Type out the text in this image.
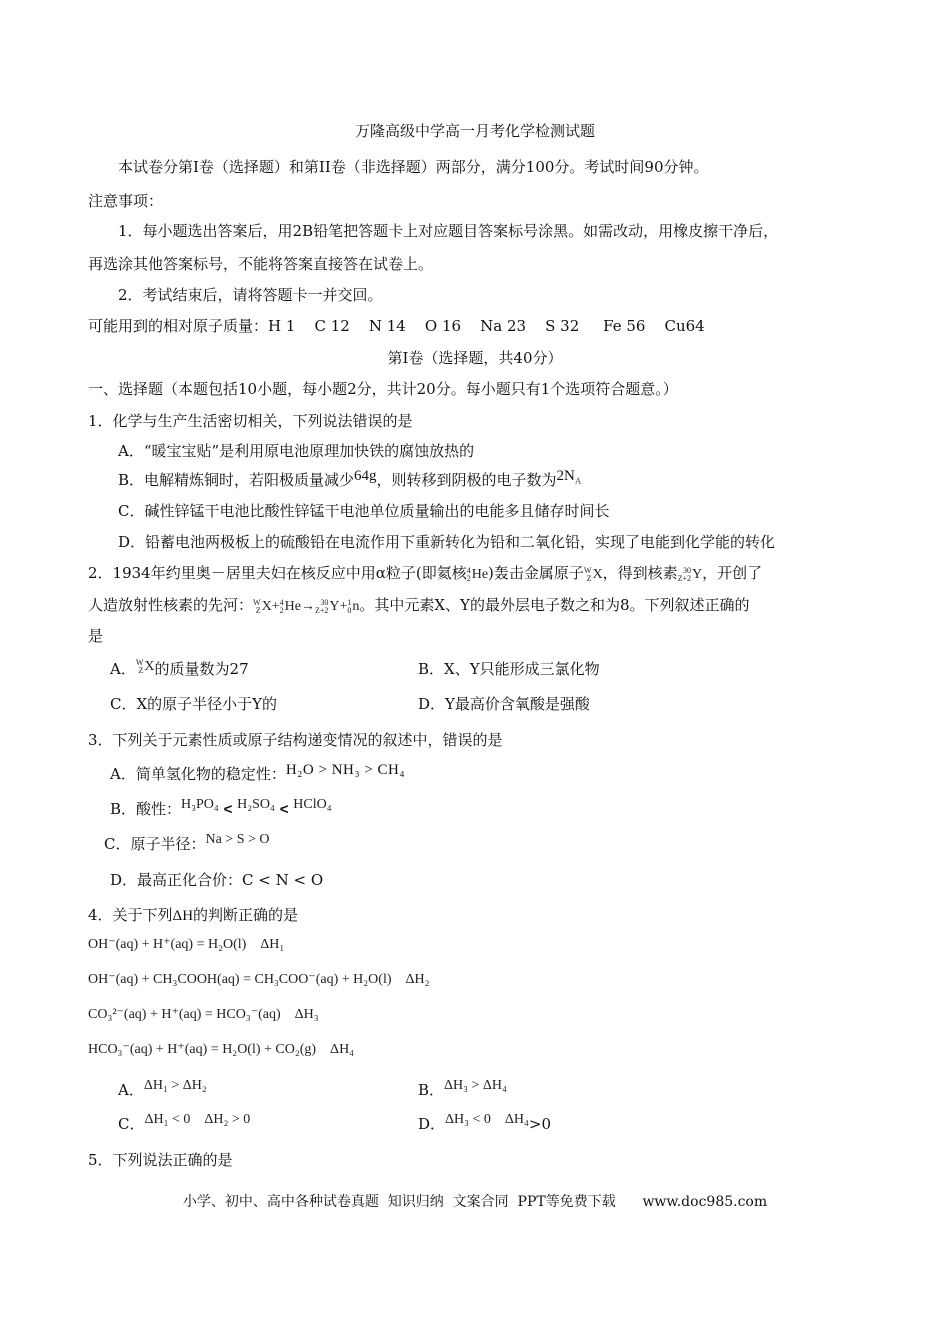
万隆高级中学高一月考化学检测试题
本试卷分第I卷（选择题）和第II卷（非选择题）两部分，满分100分。考试时间90分钟。
注意事项：
1．每小题选出答案后，用2B铅笔把答题卡上对应题目答案标号涂黑。如需改动，用橡皮擦干净后，
再选涂其他答案标号，不能将答案直接答在试卷上。
2．考试结束后，请将答题卡一并交回。
可能用到的相对原子质量：H 1    C 12    N 14    O 16    Na 23    S 32     Fe 56    Cu64
第I卷（选择题，共40分）
一、选择题（本题包括10小题，每小题2分，共计20分。每小题只有1个选项符合题意。）
1．化学与生产生活密切相关，下列说法错误的是
A．“暖宝宝贴”是利用原电池原理加快铁的腐蚀放热的
B．电解精炼铜时，若阳极质量减少64g，则转移到阴极的电子数为$2N_A$
C．碱性锌锰干电池比酸性锌锰干电池单位质量输出的电能多且储存时间长
D．铅蓄电池两极板上的硫酸铅在电流作用下重新转化为铅和二氧化铅，实现了电能到化学能的转化
2．1934年约里奥－居里夫妇在核反应中用α粒子(即氦核4
2He)轰击金属原子W
ZX，得到核素 30
Z+2Y，开创了
人造放射性核素的先河：W
ZX+4
2He→ 30
Z+2Y+1
0n。其中元素X、Y的最外层电子数之和为8。下列叙述正确的
是
A．W
ZX的质量数为27	B．X、Y只能形成三氯化物
C．X的原子半径小于Y的	D．Y最高价含氧酸是强酸
3．下列关于元素性质或原子结构递变情况的叙述中，错误的是
A．简单氢化物的稳定性：H₂O > NH₃ > CH₄
B．酸性：H₃PO₄ < H₂SO₄ < HClO₄
C．原子半径：Na > S > O
D．最高正化合价：C < N < O
4．关于下列ΔH的判断正确的是
OH⁻(aq) + H⁺(aq) = H₂O(l)    ΔH₁
OH⁻(aq) + CH₃COOH(aq) = CH₃COO⁻(aq) + H₂O(l)    ΔH₂
CO₃²⁻(aq) + H⁺(aq) = HCO₃⁻(aq)    ΔH₃
HCO₃⁻(aq) + H⁺(aq) = H₂O(l) + CO₂(g)    ΔH₄
A．ΔH₁ > ΔH₂	B．ΔH₃ > ΔH₄
C．ΔH₁ < 0    ΔH₂ > 0	D．ΔH₃ < 0    ΔH₄>0
5．下列说法正确的是
小学、初中、高中各种试卷真题  知识归纳  文案合同  PPT等免费下载      www.doc985.com
